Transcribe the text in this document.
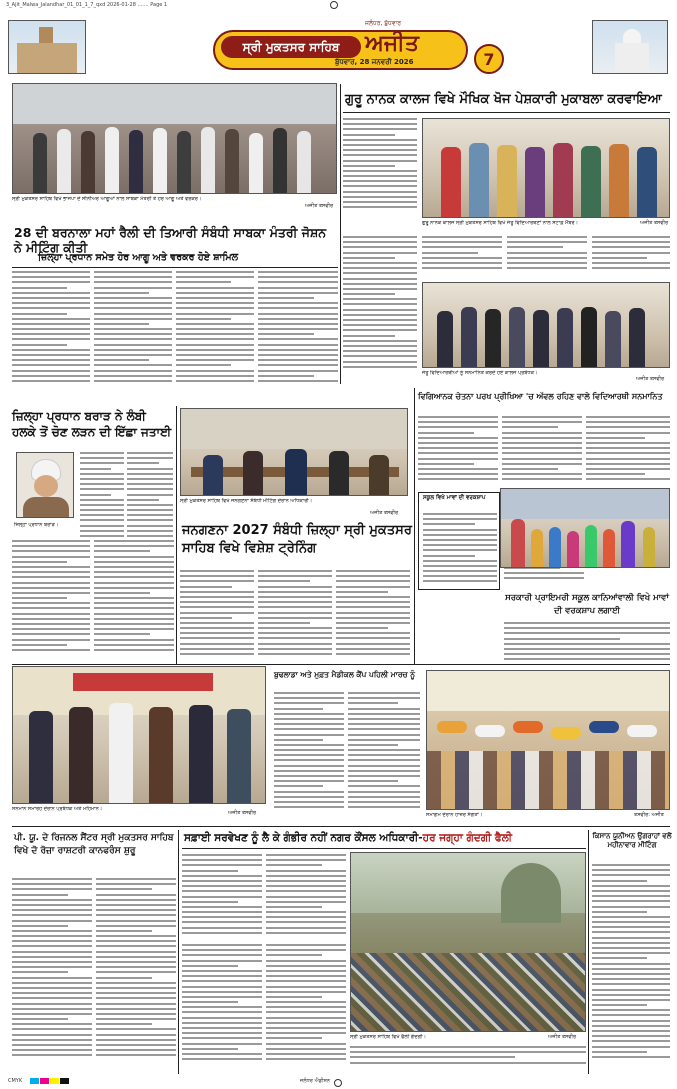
3_Ajit_Malwa_Jalandhar_01_01_1_7_qxd 2026-01-28 ....... Page 1
ਸ੍ਰੀ ਮੁਕਤਸਰ ਸਾਹਿਬ
ਜਲੰਧਰ, ਬੁੱਧਵਾਰ
ਅਜੀਤ
ਬੁੱਧਵਾਰ, 28 ਜਨਵਰੀ 2026	7
ਸ੍ਰੀ ਮੁਕਤਸਰ ਸਾਹਿਬ ਵਿਖੇ ਭਾਜਪਾ ਦੇ ਸੀਨੀਅਰ ਆਗੂਆਂ ਨਾਲ ਸਾਬਕਾ ਮੰਤਰੀ ਤੇ ਹੋਰ ਆਗੂ ਅਤੇ ਵਰਕਰ।
ਅਜੀਤ ਤਸਵੀਰ
28 ਦੀ ਬਰਨਾਲਾ ਮਹਾਂ ਰੈਲੀ ਦੀ ਤਿਆਰੀ ਸੰਬੰਧੀ ਸਾਬਕਾ ਮੰਤਰੀ ਜੋਸ਼ਨ ਨੇ ਮੀਟਿੰਗ ਕੀਤੀ
ਜ਼ਿਲ੍ਹਾ ਪ੍ਰਧਾਨ ਸਮੇਤ ਹੋਰ ਆਗੂ ਅਤੇ ਵਰਕਰ ਹੋਏ ਸ਼ਾਮਿਲ
ਗੁਰੂ ਨਾਨਕ ਕਾਲਜ ਵਿਖੇ ਮੌਖਿਕ ਖੋਜ ਪੇਸ਼ਕਾਰੀ ਮੁਕਾਬਲਾ ਕਰਵਾਇਆ
ਗੁਰੂ ਨਾਨਕ ਕਾਲਜ ਸ੍ਰੀ ਮੁਕਤਸਰ ਸਾਹਿਬ ਵਿਖੇ ਜੇਤੂ ਵਿਦਿਆਰਥਣਾਂ ਨਾਲ ਸਟਾਫ਼ ਮੈਂਬਰ।	ਅਜੀਤ ਤਸਵੀਰ
ਜੇਤੂ ਵਿਦਿਆਰਥੀਆਂ ਨੂੰ ਸਨਮਾਨਿਤ ਕਰਦੇ ਹੋਏ ਕਾਲਜ ਪ੍ਰਬੰਧਕ।
ਅਜੀਤ ਤਸਵੀਰ
ਜ਼ਿਲ੍ਹਾ ਪ੍ਰਧਾਨ ਬਰਾੜ ਨੇ ਲੰਬੀ ਹਲਕੇ ਤੋਂ ਚੋਣ ਲੜਨ ਦੀ ਇੱਛਾ ਜਤਾਈ
ਜ਼ਿਲ੍ਹਾ ਪ੍ਰਧਾਨ ਬਰਾੜ।
ਸ੍ਰੀ ਮੁਕਤਸਰ ਸਾਹਿਬ ਵਿਖੇ ਜਨਗਣਨਾ ਸੰਬੰਧੀ ਮੀਟਿੰਗ ਦੌਰਾਨ ਅਧਿਕਾਰੀ।
ਅਜੀਤ ਤਸਵੀਰ
ਜਨਗਣਨਾ 2027 ਸੰਬੰਧੀ ਜ਼ਿਲ੍ਹਾ ਸ੍ਰੀ ਮੁਕਤਸਰ ਸਾਹਿਬ ਵਿਖੇ ਵਿਸ਼ੇਸ਼ ਟ੍ਰੇਨਿੰਗ
ਵਿਗਿਆਨਕ ਚੇਤਨਾ ਪਰਖ ਪ੍ਰੀਖਿਆ 'ਚ ਅੱਵਲ ਰਹਿਣ ਵਾਲੇ ਵਿਦਿਆਰਥੀ ਸਨਮਾਨਿਤ
ਸਕੂਲ ਵਿਖੇ ਮਾਵਾਂ ਦੀ ਵਰਕਸ਼ਾਪ
ਸਰਕਾਰੀ ਪ੍ਰਾਇਮਰੀ ਸਕੂਲ ਕਾਨਿਆਂਵਾਲੀ ਵਿਖੇ ਮਾਵਾਂ ਦੀ ਵਰਕਸ਼ਾਪ ਲਗਾਈ
ਸਨਮਾਨ ਸਮਾਰੋਹ ਦੌਰਾਨ ਪ੍ਰਬੰਧਕ ਅਤੇ ਮਹਿਮਾਨ।
ਅਜੀਤ ਤਸਵੀਰ
ਬੁਢਲਾਡਾ ਅਤੇ ਮੁਫ਼ਤ ਮੈਡੀਕਲ ਕੈਂਪ ਪਹਿਲੀ ਮਾਰਚ ਨੂੰ
ਸਮਾਗਮ ਦੌਰਾਨ ਹਾਜ਼ਰ ਸੰਗਤਾਂ।	ਤਸਵੀਰ: ਅਜੀਤ
ਪੀ. ਯੂ. ਦੇ ਰਿਜਨਲ ਸੈਂਟਰ ਸ੍ਰੀ ਮੁਕਤਸਰ ਸਾਹਿਬ ਵਿਖੇ ਦੋ ਰੋਜ਼ਾ ਰਾਸ਼ਟਰੀ ਕਾਨਫਰੰਸ ਸ਼ੁਰੂ
ਸਫ਼ਾਈ ਸਰਵੇਖਣ ਨੂੰ ਲੈ ਕੇ ਗੰਭੀਰ ਨਹੀਂ ਨਗਰ ਕੌਂਸਲ ਅਧਿਕਾਰੀ-ਹਰ ਜਗ੍ਹਾ ਗੰਦਗੀ ਫੈਲੀ
ਸ੍ਰੀ ਮੁਕਤਸਰ ਸਾਹਿਬ ਵਿਖੇ ਫੈਲੀ ਗੰਦਗੀ।	ਅਜੀਤ ਤਸਵੀਰ
ਕਿਸਾਨ ਯੂਨੀਅਨ ਉਗਰਾਹਾਂ ਵਲੋਂ ਮਹੀਨਾਵਾਰ ਮੀਟਿੰਗ
CMYK	ਜਲੰਧਰ ਐਡੀਸ਼ਨ
